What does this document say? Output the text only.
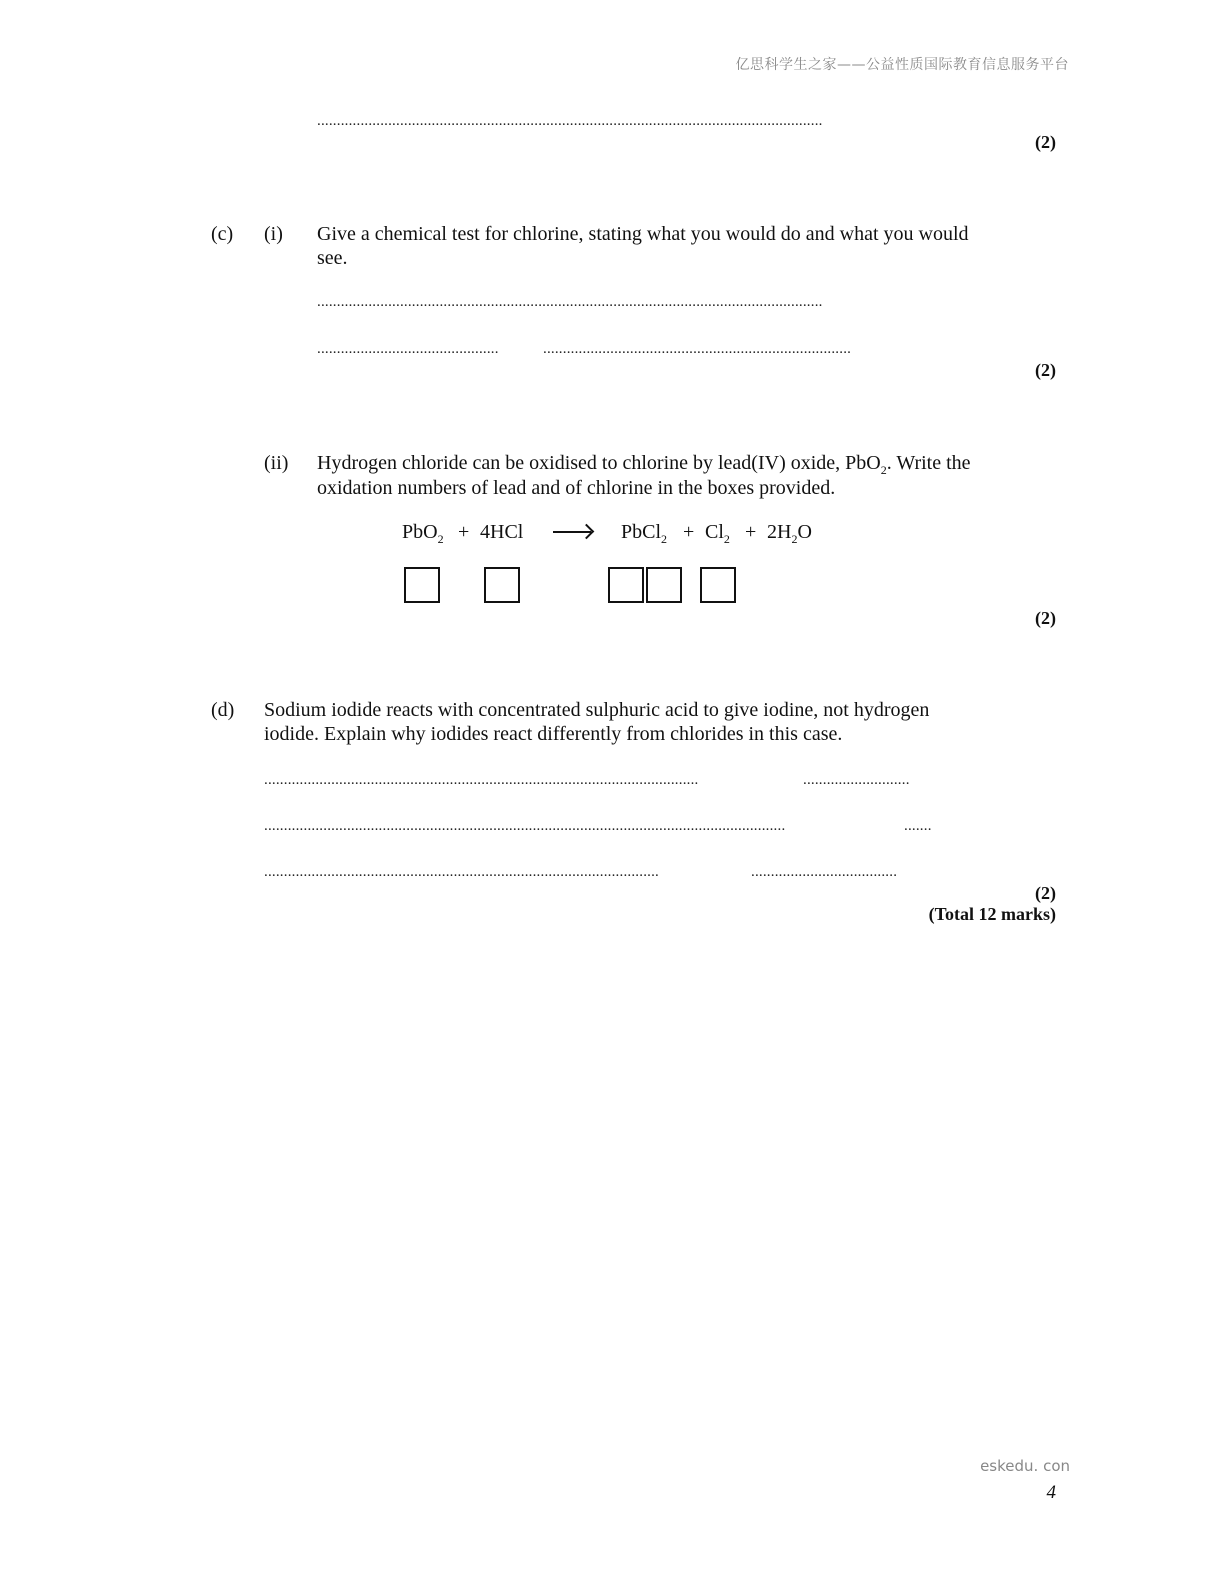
亿思科学生之家——公益性质国际教育信息服务平台
................................................................................................................................
(2)
(c) (i) Give a chemical test for chlorine, stating what you would do and what you would
see.
................................................................................................................................
..............................................	..............................................................................
(2)
(ii) Hydrogen chloride can be oxidised to chlorine by lead(IV) oxide, PbO$_2$. Write the
oxidation numbers of lead and of chlorine in the boxes provided.
PbO$_2$ + 4HCl	PbCl$_2$ + $Cl_2 + 2H_2O$
(2)
(d) Sodium iodide reacts with concentrated sulphuric acid to give iodine, not hydrogen
iodide. Explain why iodides react differently from chlorides in this case.
..............................................................................................................	...........................
....................................................................................................................................	.......
....................................................................................................	.....................................
(2)
(Total 12 marks)
eskedu. con
4
